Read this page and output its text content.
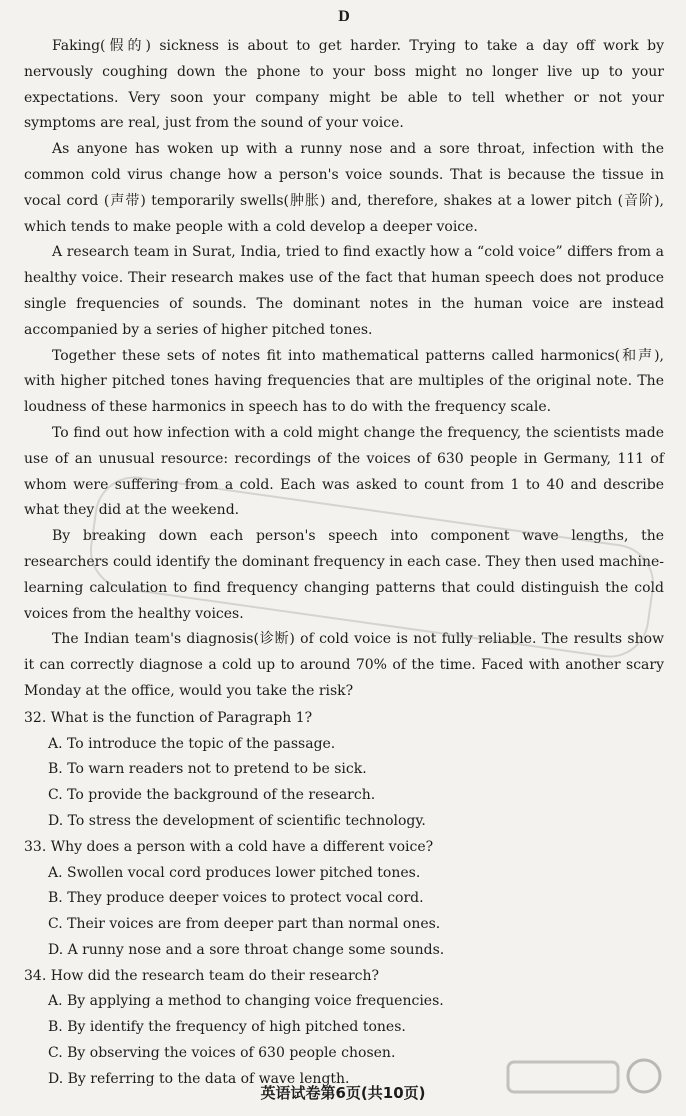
D

Faking(假的) sickness is about to get harder. Trying to take a day off work by nervously coughing down the phone to your boss might no longer live up to your expectations. Very soon your company might be able to tell whether or not your symptoms are real, just from the sound of your voice.

As anyone has woken up with a runny nose and a sore throat, infection with the common cold virus change how a person's voice sounds. That is because the tissue in vocal cord (声带) temporarily swells(肿胀) and, therefore, shakes at a lower pitch (音阶), which tends to make people with a cold develop a deeper voice.

A research team in Surat, India, tried to find exactly how a “cold voice” differs from a healthy voice. Their research makes use of the fact that human speech does not produce single frequencies of sounds. The dominant notes in the human voice are instead accompanied by a series of higher pitched tones.

Together these sets of notes fit into mathematical patterns called harmonics(和声), with higher pitched tones having frequencies that are multiples of the original note. The loudness of these harmonics in speech has to do with the frequency scale.

To find out how infection with a cold might change the frequency, the scientists made use of an unusual resource: recordings of the voices of 630 people in Germany, 111 of whom were suffering from a cold. Each was asked to count from 1 to 40 and describe what they did at the weekend.

By breaking down each person's speech into component wave lengths, the researchers could identify the dominant frequency in each case. They then used machine-learning calculation to find frequency changing patterns that could distinguish the cold voices from the healthy voices.

The Indian team's diagnosis(诊断) of cold voice is not fully reliable. The results show it can correctly diagnose a cold up to around 70% of the time. Faced with another scary Monday at the office, would you take the risk?

32. What is the function of Paragraph 1?

A. To introduce the topic of the passage.

B. To warn readers not to pretend to be sick.

C. To provide the background of the research.

D. To stress the development of scientific technology.

33. Why does a person with a cold have a different voice?

A. Swollen vocal cord produces lower pitched tones.

B. They produce deeper voices to protect vocal cord.

C. Their voices are from deeper part than normal ones.

D. A runny nose and a sore throat change some sounds.

34. How did the research team do their research?

A. By applying a method to changing voice frequencies.

B. By identify the frequency of high pitched tones.

C. By observing the voices of 630 people chosen.

D. By referring to the data of wave length.

英语试卷第6页(共10页)
